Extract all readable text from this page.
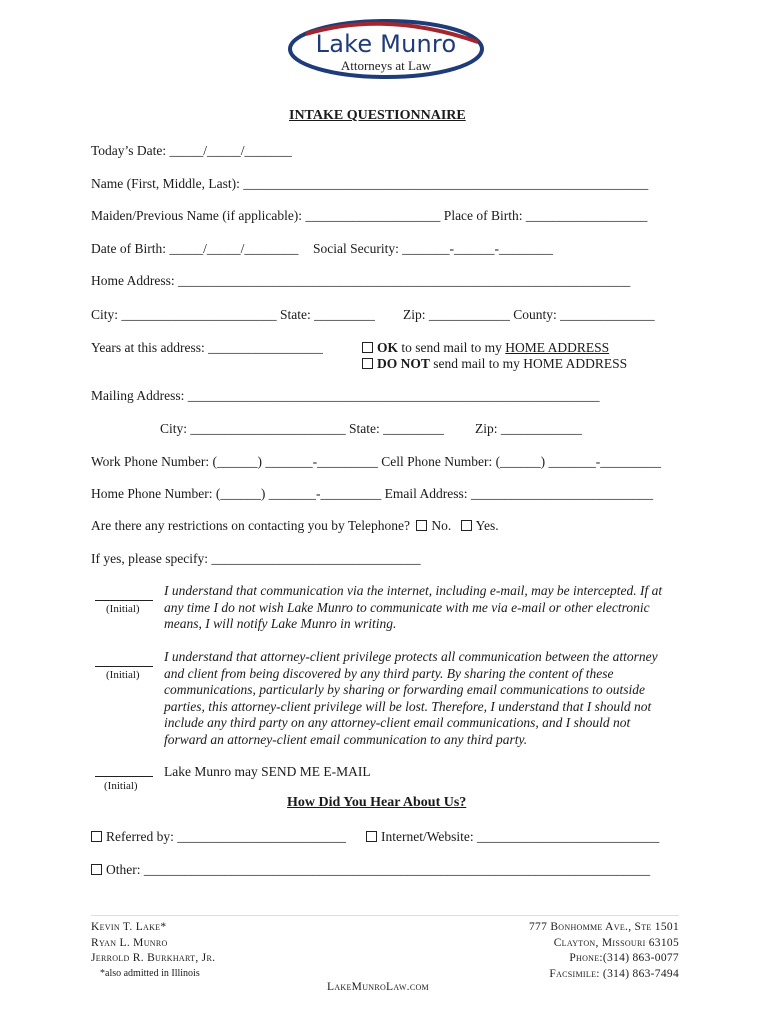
Lake Munro
Attorneys at Law
INTAKE QUESTIONNAIRE
Today’s Date: _____/_____/_______
Name (First, Middle, Last): ____________________________________________________________
Maiden/Previous Name (if applicable): ____________________ Place of Birth: __________________
Date of Birth: _____/_____/________ Social Security: _______-______-________
Home Address: ___________________________________________________________________
City: _______________________ State: _________ Zip: ____________ County: ______________
Years at this address: _________________	OK to send mail to my HOME ADDRESS
DO NOT send mail to my HOME ADDRESS
Mailing Address: _____________________________________________________________
City: _______________________ State: _________ Zip: ____________
Work Phone Number: (______) _______-_________ Cell Phone Number: (______) _______-_________
Home Phone Number: (______) _______-_________ Email Address: ___________________________
Are there any restrictions on contacting you by Telephone? No. Yes.
If yes, please specify: _______________________________
(Initial)
I understand that communication via the internet, including e-mail, may be intercepted. If at any time I do not wish Lake Munro to communicate with me via e-mail or other electronic means, I will notify Lake Munro in writing.
(Initial)
I understand that attorney-client privilege protects all communication between the attorney and client from being discovered by any third party. By sharing the content of these communications, particularly by sharing or forwarding email communications to outside parties, this attorney-client privilege will be lost. Therefore, I understand that I should not include any third party on any attorney-client email communications, and I should not forward an attorney-client email communication to any third party.
(Initial)
Lake Munro may SEND ME E-MAIL
How Did You Hear About Us?
Referred by: _________________________	Internet/Website: ___________________________
Other: ___________________________________________________________________________
Kevin T. Lake*
Ryan L. Munro
Jerrold R. Burkhart, Jr.
*also admitted in Illinois
777 Bonhomme Ave., Ste 1501
Clayton, Missouri 63105
Phone:(314) 863-0077
Facsimile: (314) 863-7494
LakeMunroLaw.com
